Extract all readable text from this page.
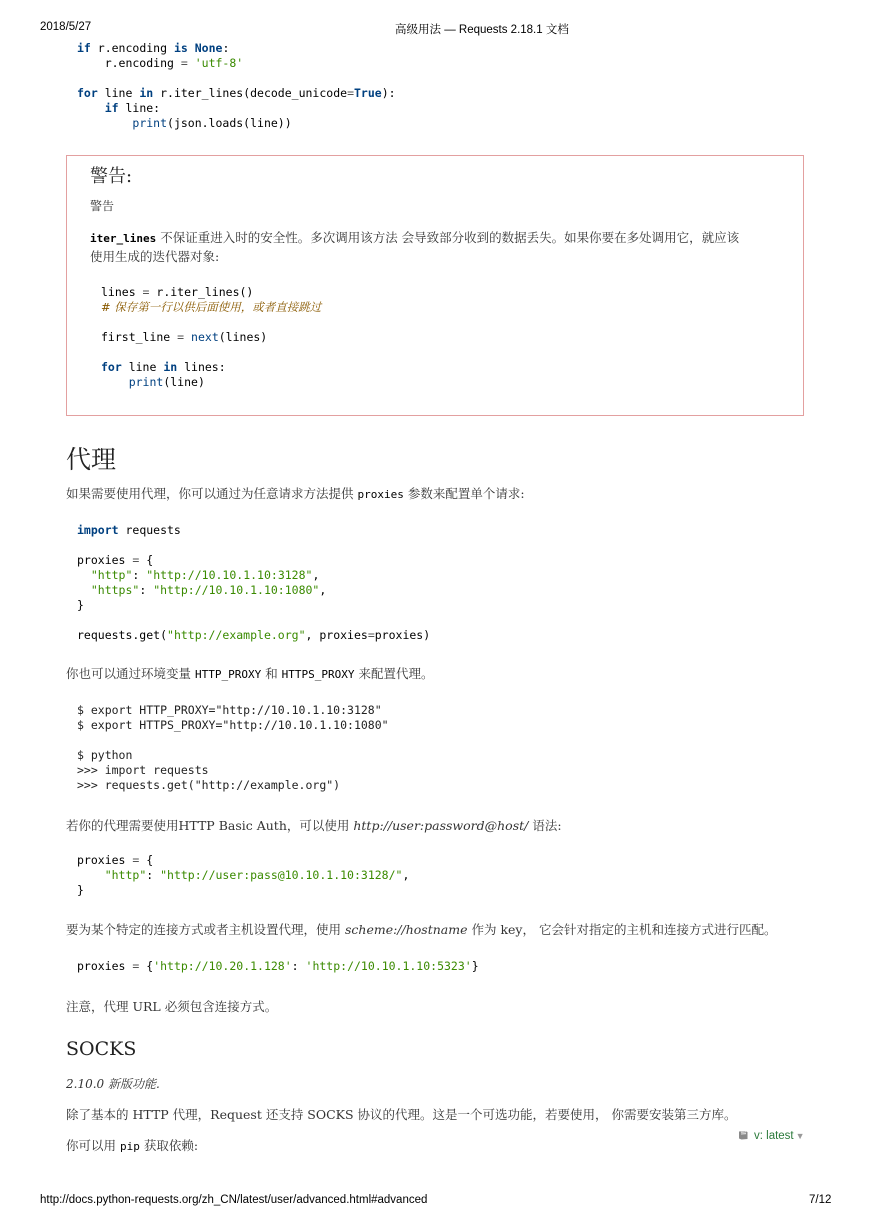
2018/5/27	高级用法 — Requests 2.18.1 文档
if r.encoding is None:
r.encoding = 'utf-8'

for line in r.iter_lines(decode_unicode=True):
if line:
print(json.loads(line))
警告:
警告
iter_lines 不保证重进入时的安全性。多次调用该方法 会导致部分收到的数据丢失。如果你要在多处调用它，就应该
使用生成的迭代器对象:
lines = r.iter_lines()
# 保存第一行以供后面使用，或者直接跳过

first_line = next(lines)

for line in lines:
print(line)
代理
如果需要使用代理，你可以通过为任意请求方法提供 proxies 参数来配置单个请求:
import requests

proxies = {
"http": "http://10.10.1.10:3128",
"https": "http://10.10.1.10:1080",
}

requests.get("http://example.org", proxies=proxies)
你也可以通过环境变量 HTTP_PROXY 和 HTTPS_PROXY 来配置代理。
$ export HTTP_PROXY="http://10.10.1.10:3128"
$ export HTTPS_PROXY="http://10.10.1.10:1080"

$ python
>>> import requests
>>> requests.get("http://example.org")
若你的代理需要使用HTTP Basic Auth，可以使用 http://user:password@host/ 语法:
proxies = {
"http": "http://user:pass@10.10.1.10:3128/",
}
要为某个特定的连接方式或者主机设置代理，使用 scheme://hostname 作为 key， 它会针对指定的主机和连接方式进行匹配。
proxies = {'http://10.20.1.128': 'http://10.10.1.10:5323'}
注意，代理 URL 必须包含连接方式。
SOCKS
2.10.0 新版功能.
除了基本的 HTTP 代理，Request 还支持 SOCKS 协议的代理。这是一个可选功能，若要使用， 你需要安装第三方库。
你可以用 pip 获取依赖:
v: latest ▼
http://docs.python-requests.org/zh_CN/latest/user/advanced.html#advanced	7/12
